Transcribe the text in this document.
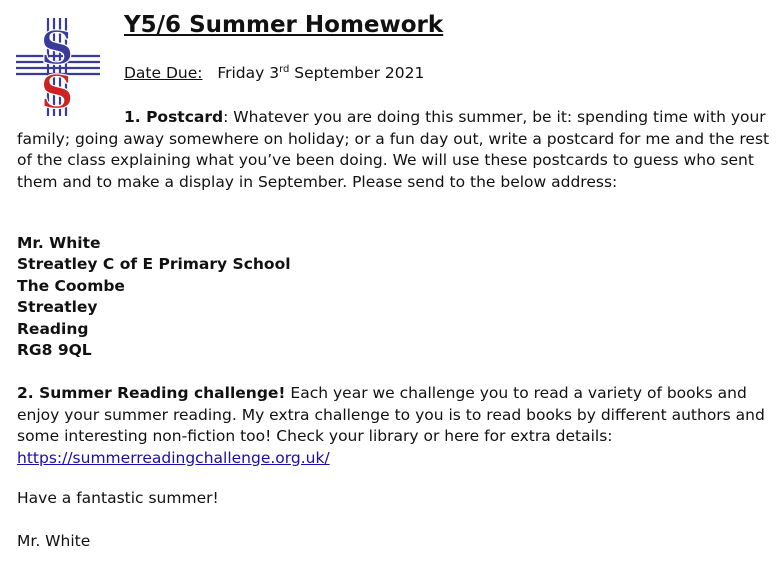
S
S
Y5/6 Summer Homework
Date Due: Friday 3rd September 2021

1. Postcard: Whatever you are doing this summer, be it: spending time with your family; going away somewhere on holiday; or a fun day out, write a postcard for me and the rest of the class explaining what you’ve been doing. We will use these postcards to guess who sent them and to make a display in September. Please send to the below address:

Mr. White
Streatley C of E Primary School
The Coombe
Streatley
Reading
RG8 9QL

2. Summer Reading challenge! Each year we challenge you to read a variety of books and enjoy your summer reading. My extra challenge to you is to read books by different authors and some interesting non-fiction too! Check your library or here for extra details: https://summerreadingchallenge.org.uk/

Have a fantastic summer!
Mr. White
